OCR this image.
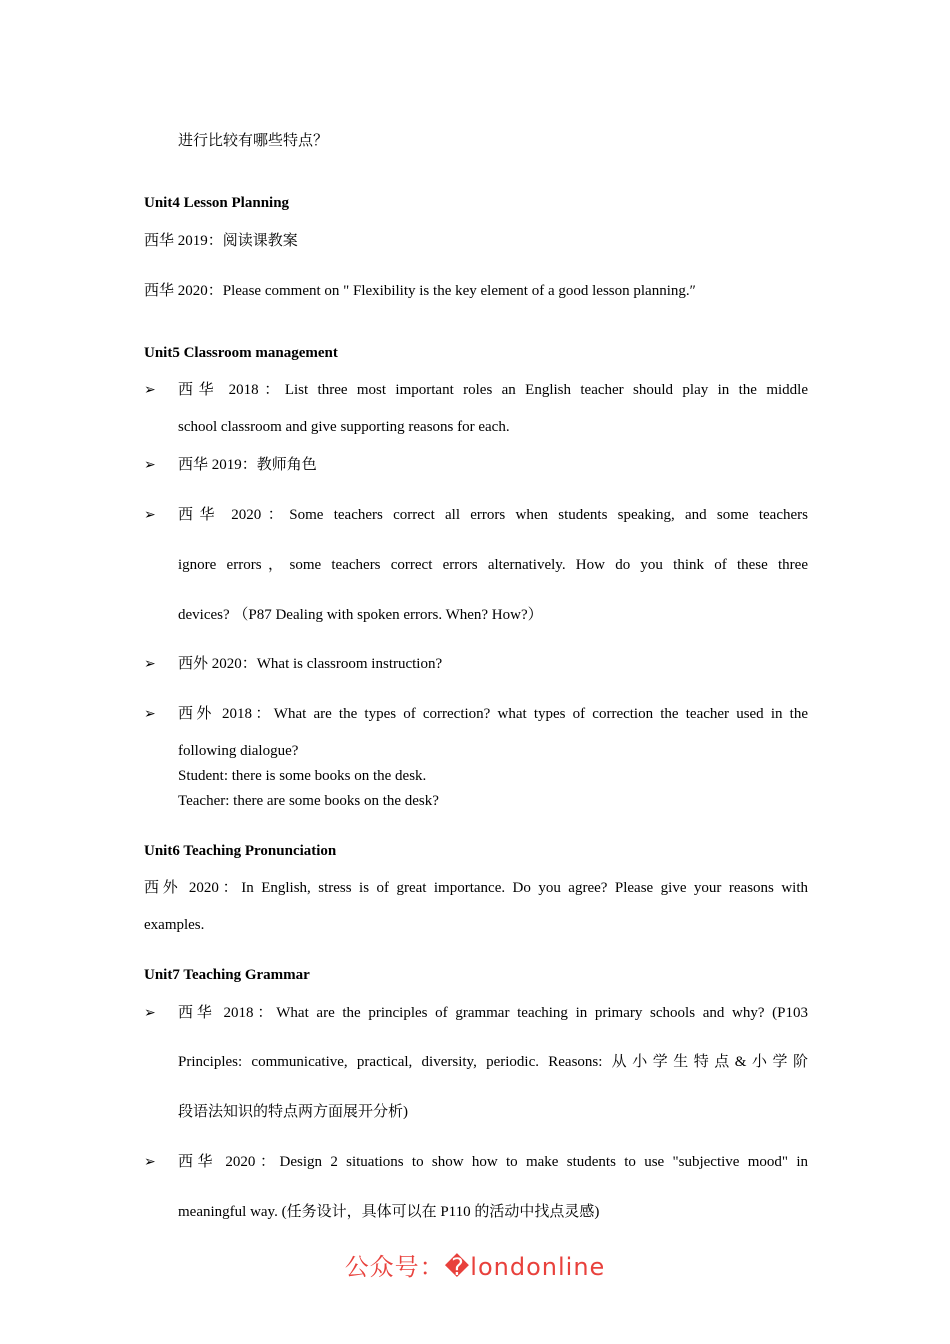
进行比较有哪些特点？
Unit4 Lesson Planning
西华 2019：阅读课教案
西华 2020：Please comment on " Flexibility is the key element of a good lesson planning.″
Unit5 Classroom management
➢ 西华 2018：List three most important roles an English teacher should play in the middle
school classroom and give supporting reasons for each.
➢ 西华 2019：教师角色
➢ 西华 2020：Some teachers correct all errors when students speaking, and some teachers
ignore errors，some teachers correct errors alternatively. How do you think of these three
devices? （P87 Dealing with spoken errors. When? How?）
➢ 西外 2020：What is classroom instruction?
➢ 西外 2018：What are the types of correction? what types of correction the teacher used in the
following dialogue?
Student: there is some books on the desk.
Teacher: there are some books on the desk?
Unit6 Teaching Pronunciation
西外 2020：In English, stress is of great importance. Do you agree? Please give your reasons with
examples.
Unit7 Teaching Grammar
➢ 西华 2018：What are the principles of grammar teaching in primary schools and why? (P103
Principles: communicative, practical, diversity, periodic. Reasons: 从小学生特点&小学阶
段语法知识的特点两方面展开分析)
➢ 西华 2020：Design 2 situations to show how to make students to use "subjective mood" in
meaningful way. (任务设计，具体可以在 P110 的活动中找点灵感)
公众号：�londonline
